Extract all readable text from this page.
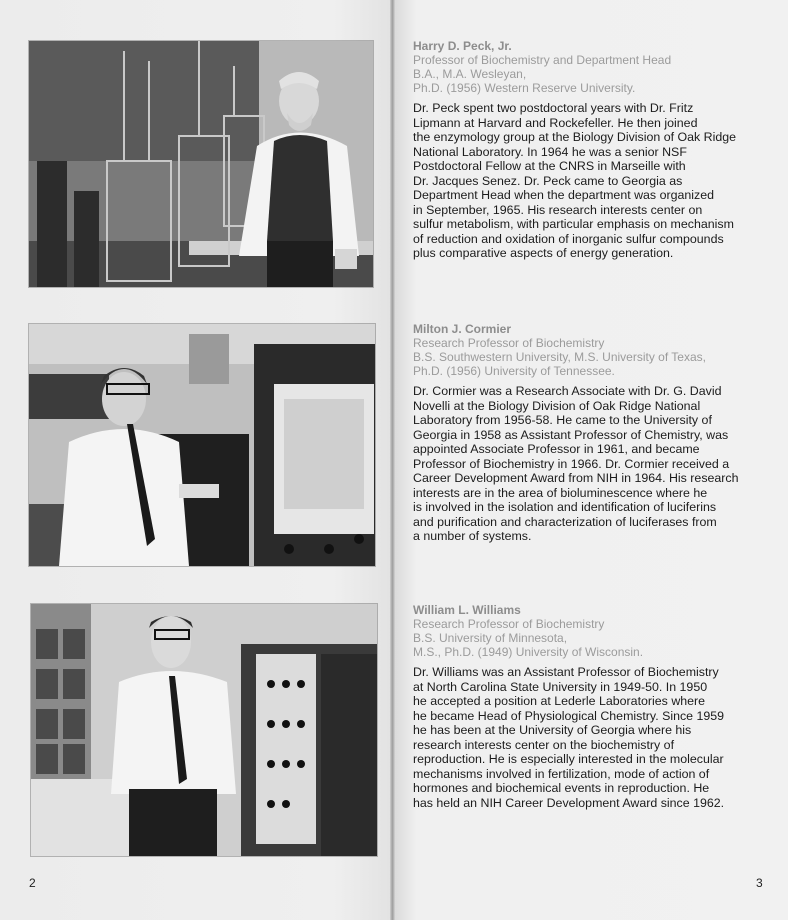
Harry D. Peck, Jr.
Professor of Biochemistry and Department Head
B.A., M.A. Wesleyan,
Ph.D. (1956) Western Reserve University.
Dr. Peck spent two postdoctoral years with Dr. Fritz
Lipmann at Harvard and Rockefeller. He then joined
the enzymology group at the Biology Division of Oak Ridge
National Laboratory. In 1964 he was a senior NSF
Postdoctoral Fellow at the CNRS in Marseille with
Dr. Jacques Senez. Dr. Peck came to Georgia as
Department Head when the department was organized
in September, 1965. His research interests center on
sulfur metabolism, with particular emphasis on mechanism
of reduction and oxidation of inorganic sulfur compounds
plus comparative aspects of energy generation.
Milton J. Cormier
Research Professor of Biochemistry
B.S. Southwestern University, M.S. University of Texas,
Ph.D. (1956) University of Tennessee.
Dr. Cormier was a Research Associate with Dr. G. David
Novelli at the Biology Division of Oak Ridge National
Laboratory from 1956-58. He came to the University of
Georgia in 1958 as Assistant Professor of Chemistry, was
appointed Associate Professor in 1961, and became
Professor of Biochemistry in 1966. Dr. Cormier received a
Career Development Award from NIH in 1964. His research
interests are in the area of bioluminescence where he
is involved in the isolation and identification of luciferins
and purification and characterization of luciferases from
a number of systems.
William L. Williams
Research Professor of Biochemistry
B.S. University of Minnesota,
M.S., Ph.D. (1949) University of Wisconsin.
Dr. Williams was an Assistant Professor of Biochemistry
at North Carolina State University in 1949-50. In 1950
he accepted a position at Lederle Laboratories where
he became Head of Physiological Chemistry. Since 1959
he has been at the University of Georgia where his
research interests center on the biochemistry of
reproduction. He is especially interested in the molecular
mechanisms involved in fertilization, mode of action of
hormones and biochemical events in reproduction. He
has held an NIH Career Development Award since 1962.
2	3
